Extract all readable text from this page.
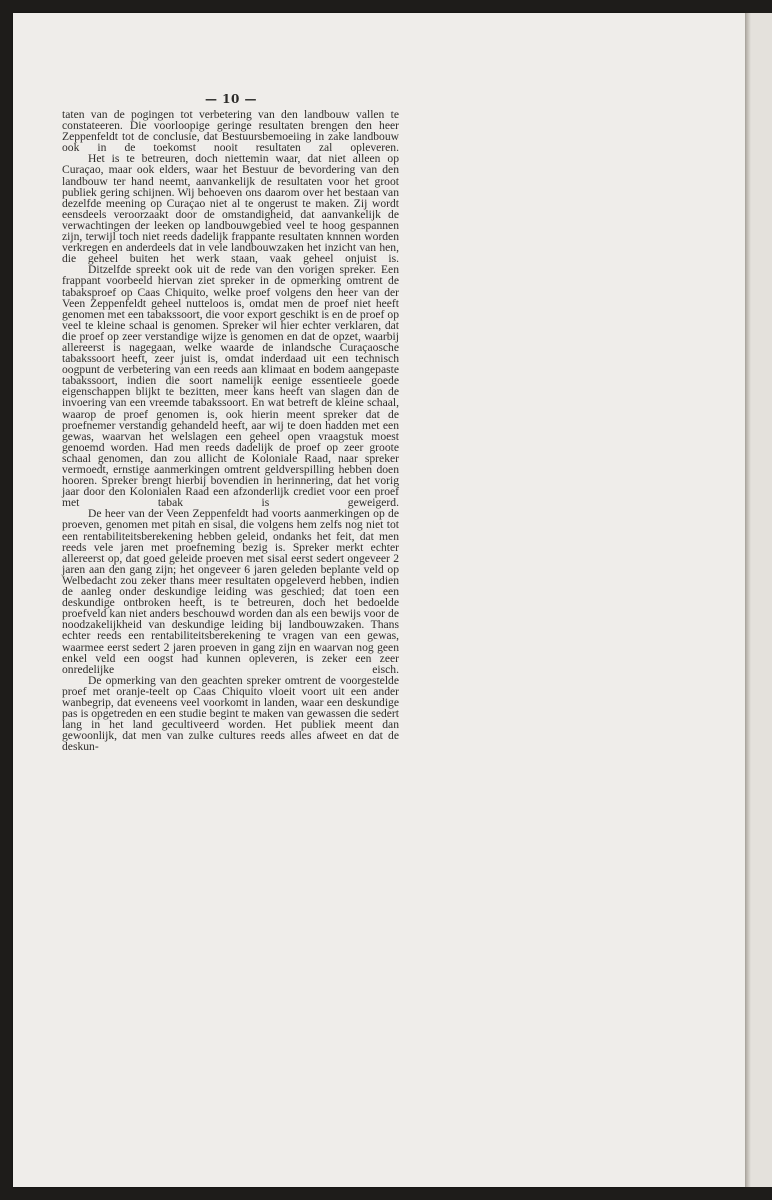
— 10 —

taten van de pogingen tot verbetering van den landbouw vallen te constateeren. Die voorloopige geringe resultaten brengen den heer Zeppenfeldt tot de conclusie, dat Bestuursbemoeiing in zake landbouw ook in de toekomst nooit resultaten zal opleveren.

Het is te betreuren, doch niettemin waar, dat niet alleen op Curaçao, maar ook elders, waar het Bestuur de bevordering van den landbouw ter hand neemt, aanvankelijk de resultaten voor het groot publiek gering schijnen. Wij behoeven ons daarom over het bestaan van dezelfde meening op Curaçao niet al te ongerust te maken. Zij wordt eensdeels veroorzaakt door de omstandigheid, dat aanvankelijk de verwachtingen der leeken op landbouwgebied veel te hoog gespannen zijn, terwijl toch niet reeds dadelijk frappante resultaten knnnen worden verkregen en anderdeels dat in vele landbouwzaken het inzicht van hen, die geheel buiten het werk staan, vaak geheel onjuist is.

Ditzelfde spreekt ook uit de rede van den vorigen spreker. Een frappant voorbeeld hiervan ziet spreker in de opmerking omtrent de tabaksproef op Caas Chiquito, welke proef volgens den heer van der Veen Zeppenfeldt geheel nutteloos is, omdat men de proef niet heeft genomen met een tabakssoort, die voor export geschikt is en de proef op veel te kleine schaal is genomen. Spreker wil hier echter verklaren, dat die proef op zeer verstandige wijze is genomen en dat de opzet, waarbij allereerst is nagegaan, welke waarde de inlandsche Curaçaosche tabakssoort heeft, zeer juist is, omdat inderdaad uit een technisch oogpunt de verbetering van een reeds aan klimaat en bodem aangepaste tabakssoort, indien die soort namelijk eenige essentieele goede eigenschappen blijkt te bezitten, meer kans heeft van slagen dan de invoering van een vreemde tabakssoort. En wat betreft de kleine schaal, waarop de proef genomen is, ook hierin meent spreker dat de proefnemer verstandig gehandeld heeft, aar wij te doen hadden met een gewas, waarvan het welslagen een geheel open vraagstuk moest genoemd worden. Had men reeds dadelijk de proef op zeer groote schaal genomen, dan zou allicht de Koloniale Raad, naar spreker vermoedt, ernstige aanmerkingen omtrent geldverspilling hebben doen hooren. Spreker brengt hierbij bovendien in herinnering, dat het vorig jaar door den Kolonialen Raad een afzonderlijk crediet voor een proef met tabak is geweigerd.

De heer van der Veen Zeppenfeldt had voorts aanmerkingen op de proeven, genomen met pitah en sisal, die volgens hem zelfs nog niet tot een rentabiliteitsberekening hebben geleid, ondanks het feit, dat men reeds vele jaren met proefneming bezig is. Spreker merkt echter allereerst op, dat goed geleide proeven met sisal eerst sedert ongeveer 2 jaren aan den gang zijn; het ongeveer 6 jaren geleden beplante veld op Welbedacht zou zeker thans meer resultaten opgeleverd hebben, indien de aanleg onder deskundige leiding was geschied; dat toen een deskundige ontbroken heeft, is te betreuren, doch het bedoelde proefveld kan niet anders beschouwd worden dan als een bewijs voor de noodzakelijkheid van deskundige leiding bij landbouwzaken. Thans echter reeds een rentabiliteitsberekening te vragen van een gewas, waarmee eerst sedert 2 jaren proeven in gang zijn en waarvan nog geen enkel veld een oogst had kunnen opleveren, is zeker een zeer onredelijke eisch.

De opmerking van den geachten spreker omtrent de voorgestelde proef met oranje-teelt op Caas Chiquito vloeit voort uit een ander wanbegrip, dat eveneens veel voorkomt in landen, waar een deskundige pas is opgetreden en een studie begint te maken van gewassen die sedert lang in het land gecultiveerd worden. Het publiek meent dan gewoonlijk, dat men van zulke cultures reeds alles afweet en dat de deskun-
